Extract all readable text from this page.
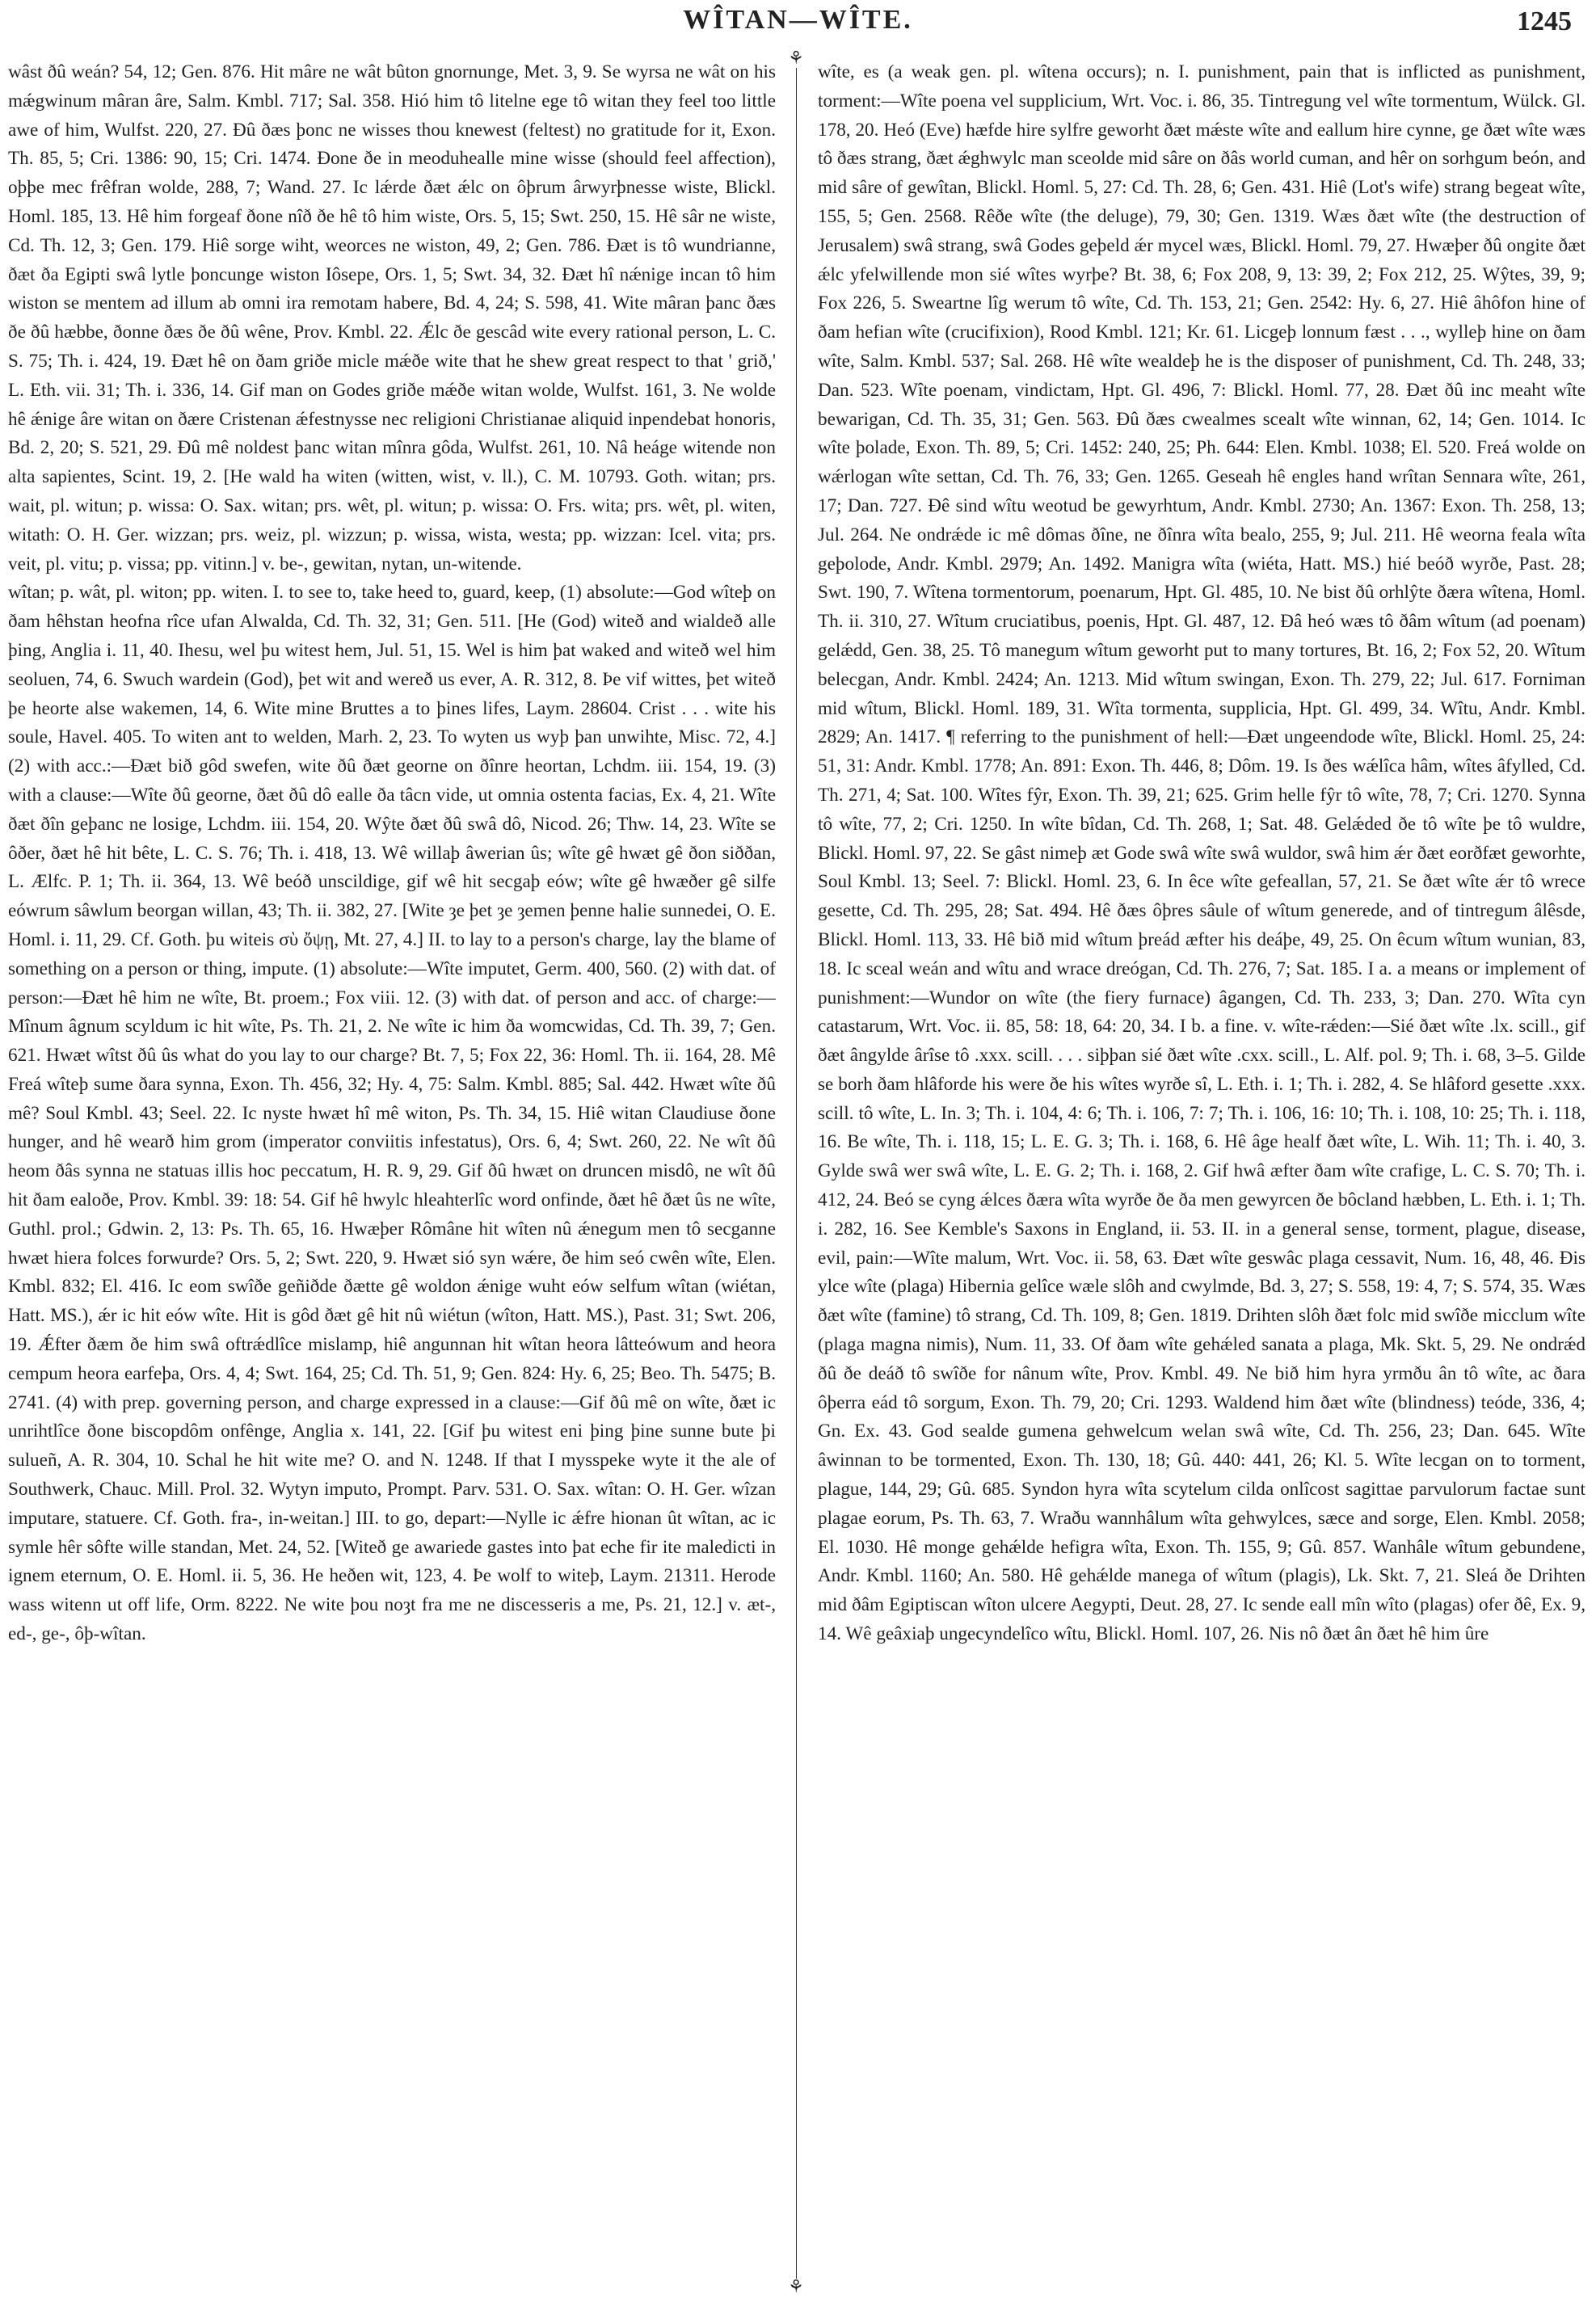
WÎTAN—WÎTE.	1245
⚘
⚘

wâst ðû weán? 54, 12; Gen. 876. Hit mâre ne wât bûton gnornunge, Met. 3, 9. Se wyrsa ne wât on his mǽgwinum mâran âre, Salm. Kmbl. 717; Sal. 358. Hió him tô litelne ege tô witan they feel too little awe of him, Wulfst. 220, 27. Ðû ðæs þonc ne wisses thou knewest (feltest) no gratitude for it, Exon. Th. 85, 5; Cri. 1386: 90, 15; Cri. 1474. Ðone ðe in meoduhealle mine wisse (should feel affection), oþþe mec frêfran wolde, 288, 7; Wand. 27. Ic lǽrde ðæt ǽlc on ôþrum ârwyrþnesse wiste, Blickl. Homl. 185, 13. Hê him forgeaf ðone nîð ðe hê tô him wiste, Ors. 5, 15; Swt. 250, 15. Hê sâr ne wiste, Cd. Th. 12, 3; Gen. 179. Hiê sorge wiht, weorces ne wiston, 49, 2; Gen. 786. Ðæt is tô wundrianne, ðæt ða Egipti swâ lytle þoncunge wiston Iôsepe, Ors. 1, 5; Swt. 34, 32. Ðæt hî nǽnige incan tô him wiston se mentem ad illum ab omni ira remotam habere, Bd. 4, 24; S. 598, 41. Wite mâran þanc ðæs ðe ðû hæbbe, ðonne ðæs ðe ðû wêne, Prov. Kmbl. 22. Ǽlc ðe gescâd wite every rational person, L. C. S. 75; Th. i. 424, 19. Ðæt hê on ðam griðe micle mǽðe wite that he shew great respect to that ' grið,' L. Eth. vii. 31; Th. i. 336, 14. Gif man on Godes griðe mǽðe witan wolde, Wulfst. 161, 3. Ne wolde hê ǽnige âre witan on ðære Cristenan ǽfestnysse nec religioni Christianae aliquid inpendebat honoris, Bd. 2, 20; S. 521, 29. Ðû mê noldest þanc witan mînra gôda, Wulfst. 261, 10. Nâ heáge witende non alta sapientes, Scint. 19, 2. [He wald ha witen (witten, wist, v. ll.), C. M. 10793. Goth. witan; prs. wait, pl. witun; p. wissa: O. Sax. witan; prs. wêt, pl. witun; p. wissa: O. Frs. wita; prs. wêt, pl. witen, witath: O. H. Ger. wizzan; prs. weiz, pl. wizzun; p. wissa, wista, westa; pp. wizzan: Icel. vita; prs. veit, pl. vitu; p. vissa; pp. vitinn.] v. be-, gewitan, nytan, un-witende.

wîtan; p. wât, pl. witon; pp. witen. I. to see to, take heed to, guard, keep, (1) absolute:—God wîteþ on ðam hêhstan heofna rîce ufan Alwalda, Cd. Th. 32, 31; Gen. 511. [He (God) witeð and wialdeð alle þing, Anglia i. 11, 40. Ihesu, wel þu witest hem, Jul. 51, 15. Wel is him þat waked and witeð wel him seoluen, 74, 6. Swuch wardein (God), þet wit and wereð us ever, A. R. 312, 8. Þe vif wittes, þet witeð þe heorte alse wakemen, 14, 6. Wite mine Bruttes a to þines lifes, Laym. 28604. Crist . . . wite his soule, Havel. 405. To witen ant to welden, Marh. 2, 23. To wyten us wyþ þan unwihte, Misc. 72, 4.] (2) with acc.:—Ðæt bið gôd swefen, wite ðû ðæt georne on ðînre heortan, Lchdm. iii. 154, 19. (3) with a clause:—Wîte ðû georne, ðæt ðû dô ealle ða tâcn vide, ut omnia ostenta facias, Ex. 4, 21. Wîte ðæt ðîn geþanc ne losige, Lchdm. iii. 154, 20. Wŷte ðæt ðû swâ dô, Nicod. 26; Thw. 14, 23. Wîte se ôðer, ðæt hê hit bête, L. C. S. 76; Th. i. 418, 13. Wê willaþ âwerian ûs; wîte gê hwæt gê ðon siððan, L. Ælfc. P. 1; Th. ii. 364, 13. Wê beóð unscildige, gif wê hit secgaþ eów; wîte gê hwæðer gê silfe eówrum sâwlum beorgan willan, 43; Th. ii. 382, 27. [Wite ȝe þet ȝe ȝemen þenne halie sunnedei, O. E. Homl. i. 11, 29. Cf. Goth. þu witeis σὺ ὄψῃ, Mt. 27, 4.] II. to lay to a person's charge, lay the blame of something on a person or thing, impute. (1) absolute:—Wîte imputet, Germ. 400, 560. (2) with dat. of person:—Ðæt hê him ne wîte, Bt. proem.; Fox viii. 12. (3) with dat. of person and acc. of charge:—Mînum âgnum scyldum ic hit wîte, Ps. Th. 21, 2. Ne wîte ic him ða womcwidas, Cd. Th. 39, 7; Gen. 621. Hwæt wîtst ðû ûs what do you lay to our charge? Bt. 7, 5; Fox 22, 36: Homl. Th. ii. 164, 28. Mê Freá wîteþ sume ðara synna, Exon. Th. 456, 32; Hy. 4, 75: Salm. Kmbl. 885; Sal. 442. Hwæt wîte ðû mê? Soul Kmbl. 43; Seel. 22. Ic nyste hwæt hî mê witon, Ps. Th. 34, 15. Hiê witan Claudiuse ðone hunger, and hê wearð him grom (imperator conviitis infestatus), Ors. 6, 4; Swt. 260, 22. Ne wît ðû heom ðâs synna ne statuas illis hoc peccatum, H. R. 9, 29. Gif ðû hwæt on druncen misdô, ne wît ðû hit ðam ealoðe, Prov. Kmbl. 39: 18: 54. Gif hê hwylc hleahterlîc word onfinde, ðæt hê ðæt ûs ne wîte, Guthl. prol.; Gdwin. 2, 13: Ps. Th. 65, 16. Hwæþer Rômâne hit wîten nû ǽnegum men tô secganne hwæt hiera folces forwurde? Ors. 5, 2; Swt. 220, 9. Hwæt sió syn wǽre, ðe him seó cwên wîte, Elen. Kmbl. 832; El. 416. Ic eom swîðe geñiðde ðætte gê woldon ǽnige wuht eów selfum wîtan (wiétan, Hatt. MS.), ǽr ic hit eów wîte. Hit is gôd ðæt gê hit nû wiétun (wîton, Hatt. MS.), Past. 31; Swt. 206, 19. Ǽfter ðæm ðe him swâ oftrǽdlîce mislamp, hiê angunnan hit wîtan heora lâtteówum and heora cempum heora earfeþa, Ors. 4, 4; Swt. 164, 25; Cd. Th. 51, 9; Gen. 824: Hy. 6, 25; Beo. Th. 5475; B. 2741. (4) with prep. governing person, and charge expressed in a clause:—Gif ðû mê on wîte, ðæt ic unrihtlîce ðone biscopdôm onfênge, Anglia x. 141, 22. [Gif þu witest eni þing þine sunne bute þi sulueñ, A. R. 304, 10. Schal he hit wite me? O. and N. 1248. If that I mysspeke wyte it the ale of Southwerk, Chauc. Mill. Prol. 32. Wytyn imputo, Prompt. Parv. 531. O. Sax. wîtan: O. H. Ger. wîzan imputare, statuere. Cf. Goth. fra-, in-weitan.] III. to go, depart:—Nylle ic ǽfre hionan ût wîtan, ac ic symle hêr sôfte wille standan, Met. 24, 52. [Witeð ge awariede gastes into þat eche fir ite maledicti in ignem eternum, O. E. Homl. ii. 5, 36. He heðen wit, 123, 4. Þe wolf to witeþ, Laym. 21311. Herode wass witenn ut off life, Orm. 8222. Ne wite þou noȝt fra me ne discesseris a me, Ps. 21, 12.] v. æt-, ed-, ge-, ôþ-wîtan.

wîte, es (a weak gen. pl. wîtena occurs); n. I. punishment, pain that is inflicted as punishment, torment:—Wîte poena vel supplicium, Wrt. Voc. i. 86, 35. Tintregung vel wîte tormentum, Wülck. Gl. 178, 20. Heó (Eve) hæfde hire sylfre geworht ðæt mǽste wîte and eallum hire cynne, ge ðæt wîte wæs tô ðæs strang, ðæt ǽghwylc man sceolde mid sâre on ðâs world cuman, and hêr on sorhgum beón, and mid sâre of gewîtan, Blickl. Homl. 5, 27: Cd. Th. 28, 6; Gen. 431. Hiê (Lot's wife) strang begeat wîte, 155, 5; Gen. 2568. Rêðe wîte (the deluge), 79, 30; Gen. 1319. Wæs ðæt wîte (the destruction of Jerusalem) swâ strang, swâ Godes geþeld ǽr mycel wæs, Blickl. Homl. 79, 27. Hwæþer ðû ongite ðæt ǽlc yfelwillende mon sié wîtes wyrþe? Bt. 38, 6; Fox 208, 9, 13: 39, 2; Fox 212, 25. Wŷtes, 39, 9; Fox 226, 5. Sweartne lîg werum tô wîte, Cd. Th. 153, 21; Gen. 2542: Hy. 6, 27. Hiê âhôfon hine of ðam hefian wîte (crucifixion), Rood Kmbl. 121; Kr. 61. Licgeþ lonnum fæst . . ., wylleþ hine on ðam wîte, Salm. Kmbl. 537; Sal. 268. Hê wîte wealdeþ he is the disposer of punishment, Cd. Th. 248, 33; Dan. 523. Wîte poenam, vindictam, Hpt. Gl. 496, 7: Blickl. Homl. 77, 28. Ðæt ðû inc meaht wîte bewarigan, Cd. Th. 35, 31; Gen. 563. Ðû ðæs cwealmes scealt wîte winnan, 62, 14; Gen. 1014. Ic wîte þolade, Exon. Th. 89, 5; Cri. 1452: 240, 25; Ph. 644: Elen. Kmbl. 1038; El. 520. Freá wolde on wǽrlogan wîte settan, Cd. Th. 76, 33; Gen. 1265. Geseah hê engles hand wrîtan Sennara wîte, 261, 17; Dan. 727. Ðê sind wîtu weotud be gewyrhtum, Andr. Kmbl. 2730; An. 1367: Exon. Th. 258, 13; Jul. 264. Ne ondrǽde ic mê dômas ðîne, ne ðînra wîta bealo, 255, 9; Jul. 211. Hê weorna feala wîta geþolode, Andr. Kmbl. 2979; An. 1492. Manigra wîta (wiéta, Hatt. MS.) hié beóð wyrðe, Past. 28; Swt. 190, 7. Wîtena tormentorum, poenarum, Hpt. Gl. 485, 10. Ne bist ðû orhlŷte ðæra wîtena, Homl. Th. ii. 310, 27. Wîtum cruciatibus, poenis, Hpt. Gl. 487, 12. Ðâ heó wæs tô ðâm wîtum (ad poenam) gelǽdd, Gen. 38, 25. Tô manegum wîtum geworht put to many tortures, Bt. 16, 2; Fox 52, 20. Wîtum belecgan, Andr. Kmbl. 2424; An. 1213. Mid wîtum swingan, Exon. Th. 279, 22; Jul. 617. Forniman mid wîtum, Blickl. Homl. 189, 31. Wîta tormenta, supplicia, Hpt. Gl. 499, 34. Wîtu, Andr. Kmbl. 2829; An. 1417. ¶ referring to the punishment of hell:—Ðæt ungeendode wîte, Blickl. Homl. 25, 24: 51, 31: Andr. Kmbl. 1778; An. 891: Exon. Th. 446, 8; Dôm. 19. Is ðes wǽlîca hâm, wîtes âfylled, Cd. Th. 271, 4; Sat. 100. Wîtes fŷr, Exon. Th. 39, 21; 625. Grim helle fŷr tô wîte, 78, 7; Cri. 1270. Synna tô wîte, 77, 2; Cri. 1250. In wîte bîdan, Cd. Th. 268, 1; Sat. 48. Gelǽded ðe tô wîte þe tô wuldre, Blickl. Homl. 97, 22. Se gâst nimeþ æt Gode swâ wîte swâ wuldor, swâ him ǽr ðæt eorðfæt geworhte, Soul Kmbl. 13; Seel. 7: Blickl. Homl. 23, 6. In êce wîte gefeallan, 57, 21. Se ðæt wîte ǽr tô wrece gesette, Cd. Th. 295, 28; Sat. 494. Hê ðæs ôþres sâule of wîtum generede, and of tintregum âlêsde, Blickl. Homl. 113, 33. Hê bið mid wîtum þreád æfter his deáþe, 49, 25. On êcum wîtum wunian, 83, 18. Ic sceal weán and wîtu and wrace dreógan, Cd. Th. 276, 7; Sat. 185. I a. a means or implement of punishment:—Wundor on wîte (the fiery furnace) âgangen, Cd. Th. 233, 3; Dan. 270. Wîta cyn catastarum, Wrt. Voc. ii. 85, 58: 18, 64: 20, 34. I b. a fine. v. wîte-rǽden:—Sié ðæt wîte .lx. scill., gif ðæt ângylde ârîse tô .xxx. scill. . . . siþþan sié ðæt wîte .cxx. scill., L. Alf. pol. 9; Th. i. 68, 3–5. Gilde se borh ðam hlâforde his were ðe his wîtes wyrðe sî, L. Eth. i. 1; Th. i. 282, 4. Se hlâford gesette .xxx. scill. tô wîte, L. In. 3; Th. i. 104, 4: 6; Th. i. 106, 7: 7; Th. i. 106, 16: 10; Th. i. 108, 10: 25; Th. i. 118, 16. Be wîte, Th. i. 118, 15; L. E. G. 3; Th. i. 168, 6. Hê âge healf ðæt wîte, L. Wih. 11; Th. i. 40, 3. Gylde swâ wer swâ wîte, L. E. G. 2; Th. i. 168, 2. Gif hwâ æfter ðam wîte crafige, L. C. S. 70; Th. i. 412, 24. Beó se cyng ǽlces ðæra wîta wyrðe ðe ða men gewyrcen ðe bôcland hæbben, L. Eth. i. 1; Th. i. 282, 16. See Kemble's Saxons in England, ii. 53. II. in a general sense, torment, plague, disease, evil, pain:—Wîte malum, Wrt. Voc. ii. 58, 63. Ðæt wîte geswâc plaga cessavit, Num. 16, 48, 46. Ðis ylce wîte (plaga) Hibernia gelîce wæle slôh and cwylmde, Bd. 3, 27; S. 558, 19: 4, 7; S. 574, 35. Wæs ðæt wîte (famine) tô strang, Cd. Th. 109, 8; Gen. 1819. Drihten slôh ðæt folc mid swîðe micclum wîte (plaga magna nimis), Num. 11, 33. Of ðam wîte gehǽled sanata a plaga, Mk. Skt. 5, 29. Ne ondrǽd ðû ðe deáð tô swîðe for nânum wîte, Prov. Kmbl. 49. Ne bið him hyra yrmðu ân tô wîte, ac ðara ôþerra eád tô sorgum, Exon. Th. 79, 20; Cri. 1293. Waldend him ðæt wîte (blindness) teóde, 336, 4; Gn. Ex. 43. God sealde gumena gehwelcum welan swâ wîte, Cd. Th. 256, 23; Dan. 645. Wîte âwinnan to be tormented, Exon. Th. 130, 18; Gû. 440: 441, 26; Kl. 5. Wîte lecgan on to torment, plague, 144, 29; Gû. 685. Syndon hyra wîta scytelum cilda onlîcost sagittae parvulorum factae sunt plagae eorum, Ps. Th. 63, 7. Wraðu wannhâlum wîta gehwylces, sæce and sorge, Elen. Kmbl. 2058; El. 1030. Hê monge gehǽlde hefigra wîta, Exon. Th. 155, 9; Gû. 857. Wanhâle wîtum gebundene, Andr. Kmbl. 1160; An. 580. Hê gehǽlde manega of wîtum (plagis), Lk. Skt. 7, 21. Sleá ðe Drihten mid ðâm Egiptiscan wîton ulcere Aegypti, Deut. 28, 27. Ic sende eall mîn wîto (plagas) ofer ðê, Ex. 9, 14. Wê geâxiaþ ungecyndelîco wîtu, Blickl. Homl. 107, 26. Nis nô ðæt ân ðæt hê him ûre
